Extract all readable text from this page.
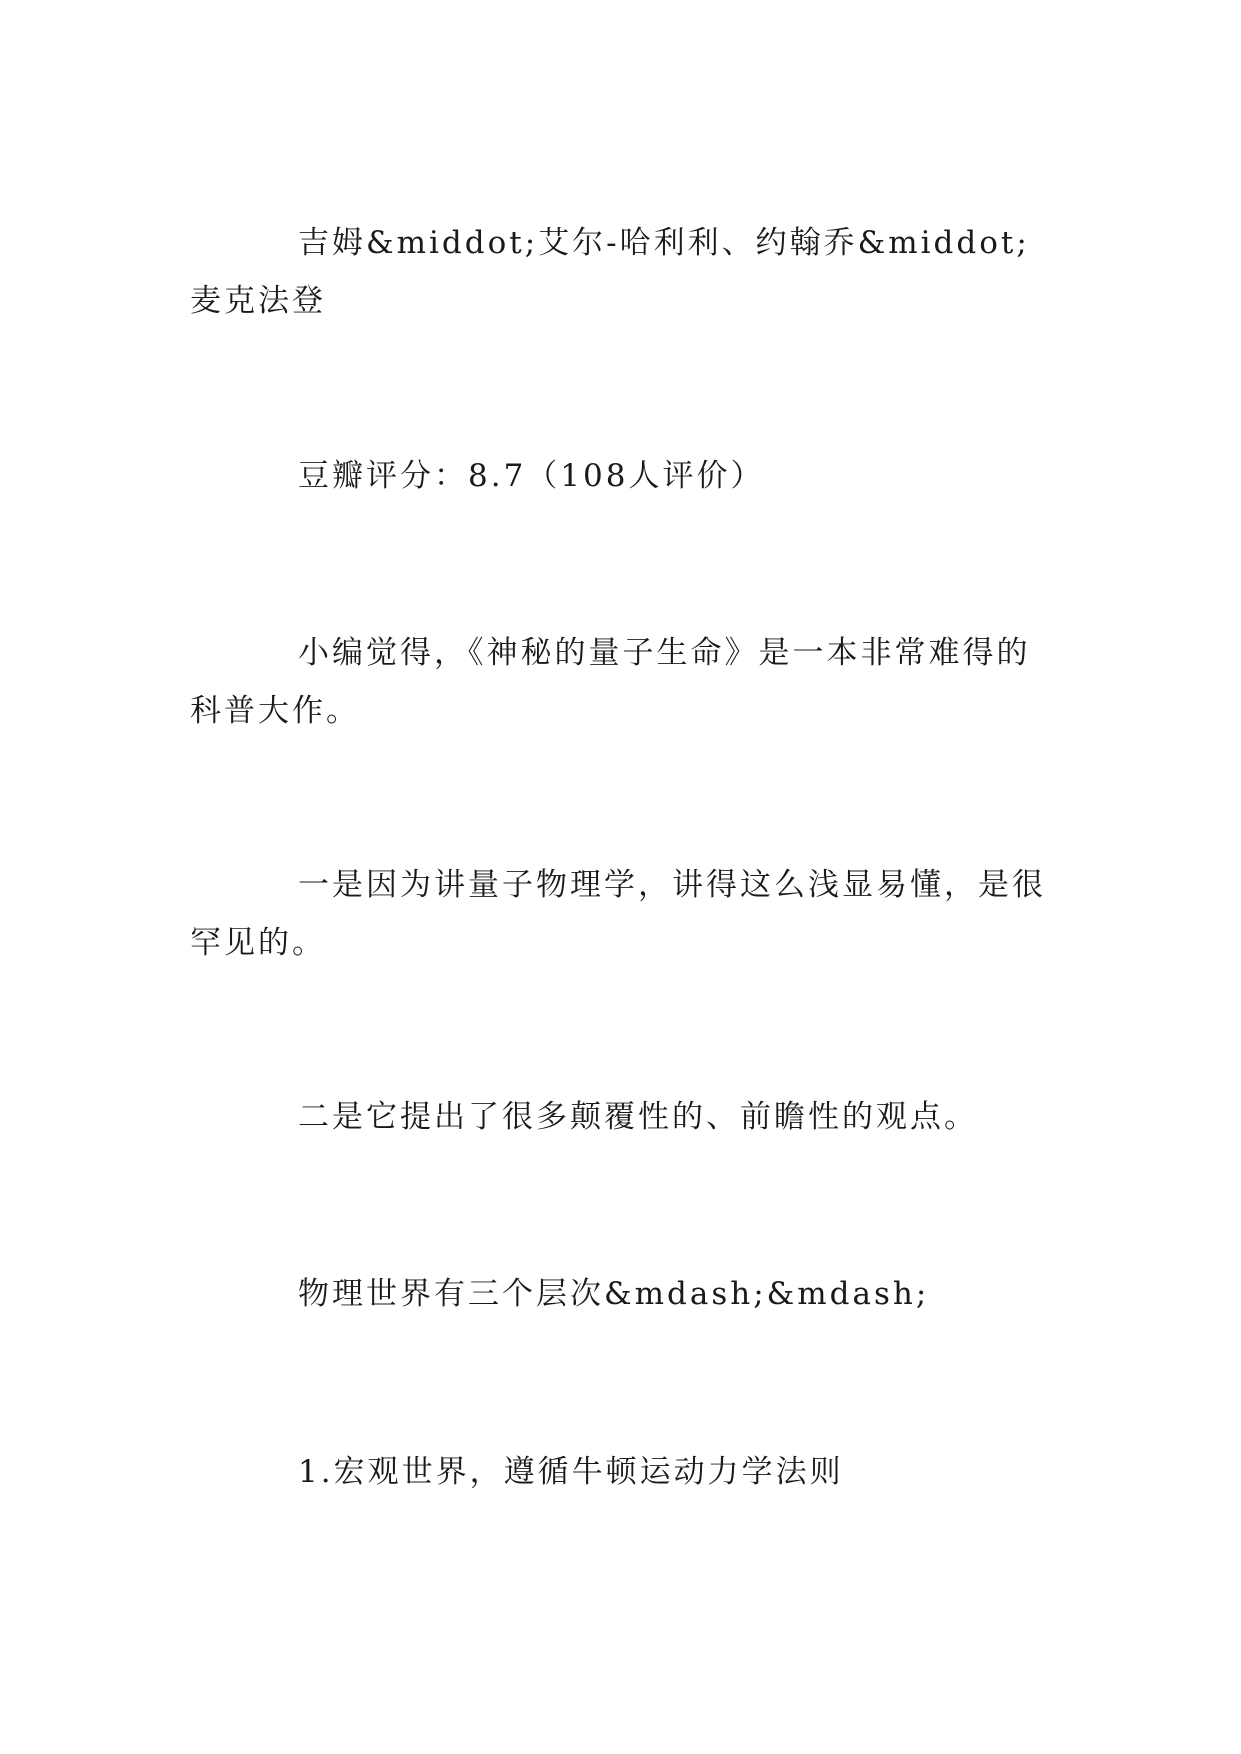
吉姆&middot;艾尔-哈利利、约翰乔&middot;麦克法登

豆瓣评分：8.7（108人评价）

小编觉得，《神秘的量子生命》是一本非常难得的科普大作。

一是因为讲量子物理学，讲得这么浅显易懂，是很罕见的。

二是它提出了很多颠覆性的、前瞻性的观点。

物理世界有三个层次&mdash;&mdash;

1.宏观世界，遵循牛顿运动力学法则
